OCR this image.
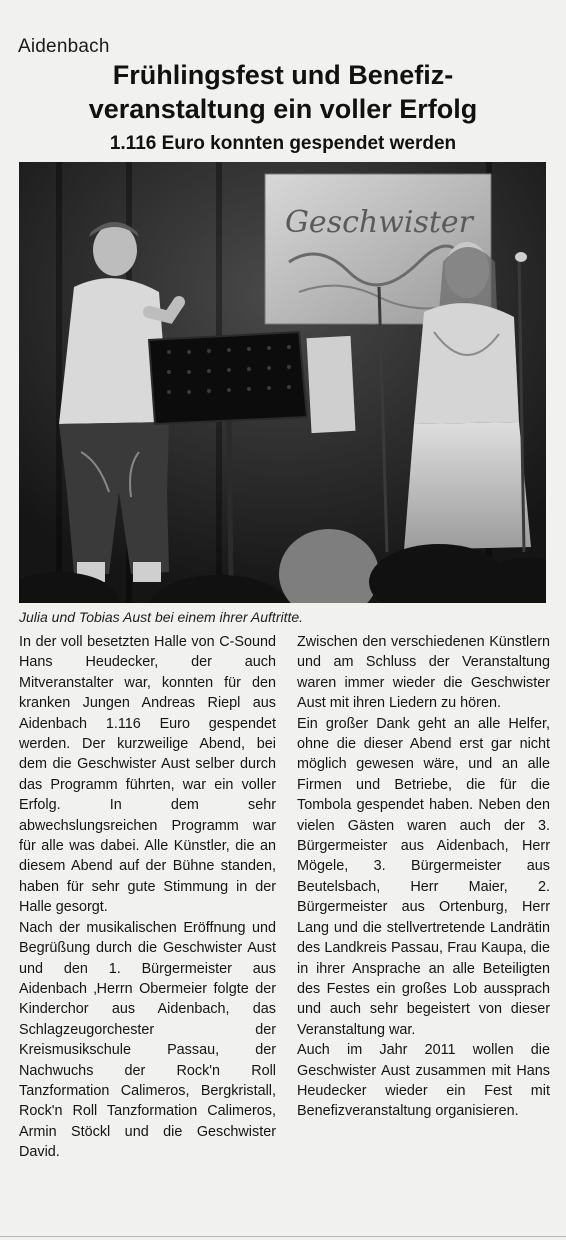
Aidenbach
Frühlingsfest und Benefiz-
veranstaltung ein voller Erfolg
1.116 Euro konnten gespendet werden
Geschwister
Julia und Tobias Aust bei einem ihrer Auftritte.

In der voll besetzten Halle von C-Sound Hans Heudecker, der auch Mitveranstalter war, konnten für den kranken Jungen Andreas Riepl aus Aidenbach 1.116 Euro gespendet werden. Der kurzweilige Abend, bei dem die Geschwister Aust selber durch das Programm führten, war ein voller Erfolg. In dem sehr abwechslungsreichen Programm war für alle was dabei. Alle Künstler, die an diesem Abend auf der Bühne standen, haben für sehr gute Stimmung in der Halle gesorgt.

Nach der musikalischen Eröffnung und Begrüßung durch die Geschwister Aust und den 1. Bürgermeister aus Aidenbach ‚Herrn Obermeier folgte der Kinderchor aus Aidenbach, das Schlagzeugorchester der Kreismusikschule Passau, der Nachwuchs der Rock'n Roll Tanzformation Calimeros, Bergkristall, Rock'n Roll Tanzformation Calimeros, Armin Stöckl und die Geschwister David.

Zwischen den verschiedenen Künstlern und am Schluss der Veranstaltung waren immer wieder die Geschwister Aust mit ihren Liedern zu hören.

Ein großer Dank geht an alle Helfer, ohne die dieser Abend erst gar nicht möglich gewesen wäre, und an alle Firmen und Betriebe, die für die Tombola gespendet haben. Neben den vielen Gästen waren auch der 3. Bürgermeister aus Aidenbach, Herr Mögele, 3. Bürgermeister aus Beutelsbach, Herr Maier, 2. Bürgermeister aus Ortenburg, Herr Lang und die stellvertretende Landrätin des Landkreis Passau, Frau Kaupa, die in ihrer Ansprache an alle Beteiligten des Festes ein großes Lob aussprach und auch sehr begeistert von dieser Veranstaltung war.

Auch im Jahr 2011 wollen die Geschwister Aust zusammen mit Hans Heudecker wieder ein Fest mit Benefizveranstaltung organisieren.
